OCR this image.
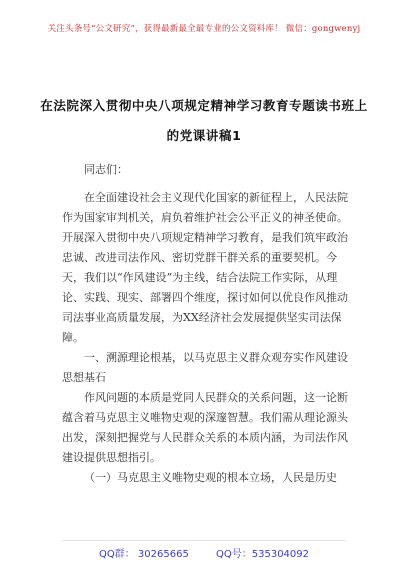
关注头条号“公文研究”，获得最新最全最专业的公文资料库！ 微信：gongwenyj
在法院深入贯彻中央八项规定精神学习教育专题读书班上
的党课讲稿1

同志们：

在全面建设社会主义现代化国家的新征程上，人民法院作为国家审判机关，肩负着维护社会公平正义的神圣使命。开展深入贯彻中央八项规定精神学习教育，是我们筑牢政治忠诚、改进司法作风、密切党群干群关系的重要契机。今天，我们以“作风建设”为主线，结合法院工作实际，从理论、实践、现实、部署四个维度，探讨如何以优良作风推动司法事业高质量发展，为XX经济社会发展提供坚实司法保障。

一、溯源理论根基，以马克思主义群众观夯实作风建设思想基石

作风问题的本质是党同人民群众的关系问题，这一论断蕴含着马克思主义唯物史观的深邃智慧。我们需从理论源头出发，深刻把握党与人民群众关系的本质内涵，为司法作风建设提供思想指引。

（一）马克思主义唯物史观的根本立场，人民是历史

QQ群： 30265665	QQ号：535304092
